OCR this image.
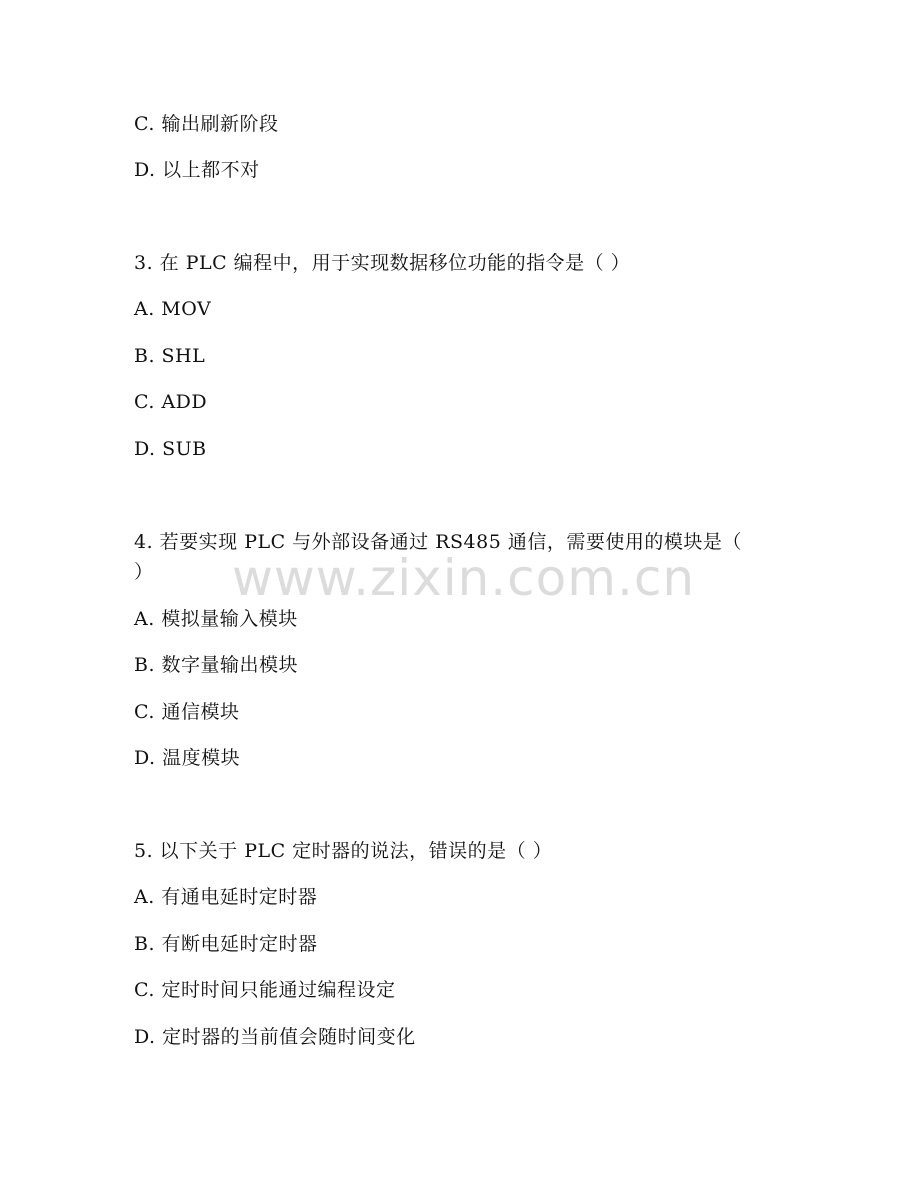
C. 输出刷新阶段
D. 以上都不对
3. 在 PLC 编程中，用于实现数据移位功能的指令是（ ）
A. MOV
B. SHL
C. ADD
D. SUB
4. 若要实现 PLC 与外部设备通过 RS485 通信，需要使用的模块是（
）
A. 模拟量输入模块
B. 数字量输出模块
C. 通信模块
D. 温度模块
5. 以下关于 PLC 定时器的说法，错误的是（ ）
A. 有通电延时定时器
B. 有断电延时定时器
C. 定时时间只能通过编程设定
D. 定时器的当前值会随时间变化
www.zixin.com.cn
